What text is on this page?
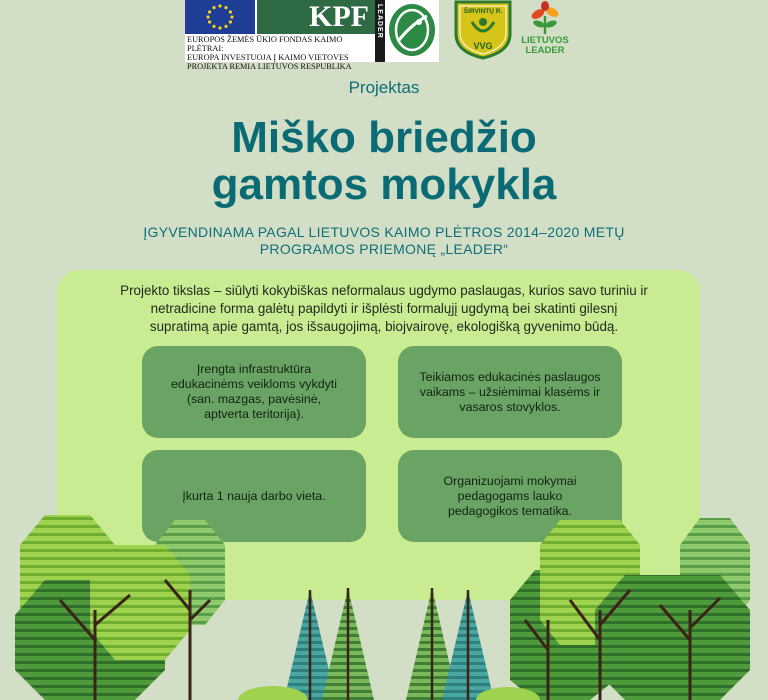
KPF
EUROPOS ŽEMĖS ŪKIO FONDAS KAIMO PLĖTRAI:
EUROPA INVESTUOJA Į KAIMO VIETOVES
PROJEKTA REMIA LIETUVOS RESPUBLIKA
LEADER	ŠIRVINTŲ R.
VVG	LIETUVOS
LEADER
Projektas
Miško briedžio
gamtos mokykla
ĮGYVENDINAMA PAGAL LIETUVOS KAIMO PLĖTROS 2014–2020 METŲ
PROGRAMOS PRIEMONĘ „LEADER“
Projekto tikslas – siūlyti kokybiškas neformalaus ugdymo paslaugas, kurios savo turiniu ir
netradicine forma galėtų papildyti ir išplėsti formalųjį ugdymą bei skatinti gilesnį
supratimą apie gamtą, jos išsaugojimą, biojvairovę, ekologišką gyvenimo būdą.
Įrengta infrastruktūra
edukacinėms veikloms vykdyti
(san. mazgas, pavėsinė,
aptverta teritorija).
Teikiamos edukacinės paslaugos
vaikams – užsiėmimai klasėms ir
vasaros stovyklos.
Įkurta 1 nauja darbo vieta.
Organizuojami mokymai
pedagogams lauko
pedagogikos tematika.
